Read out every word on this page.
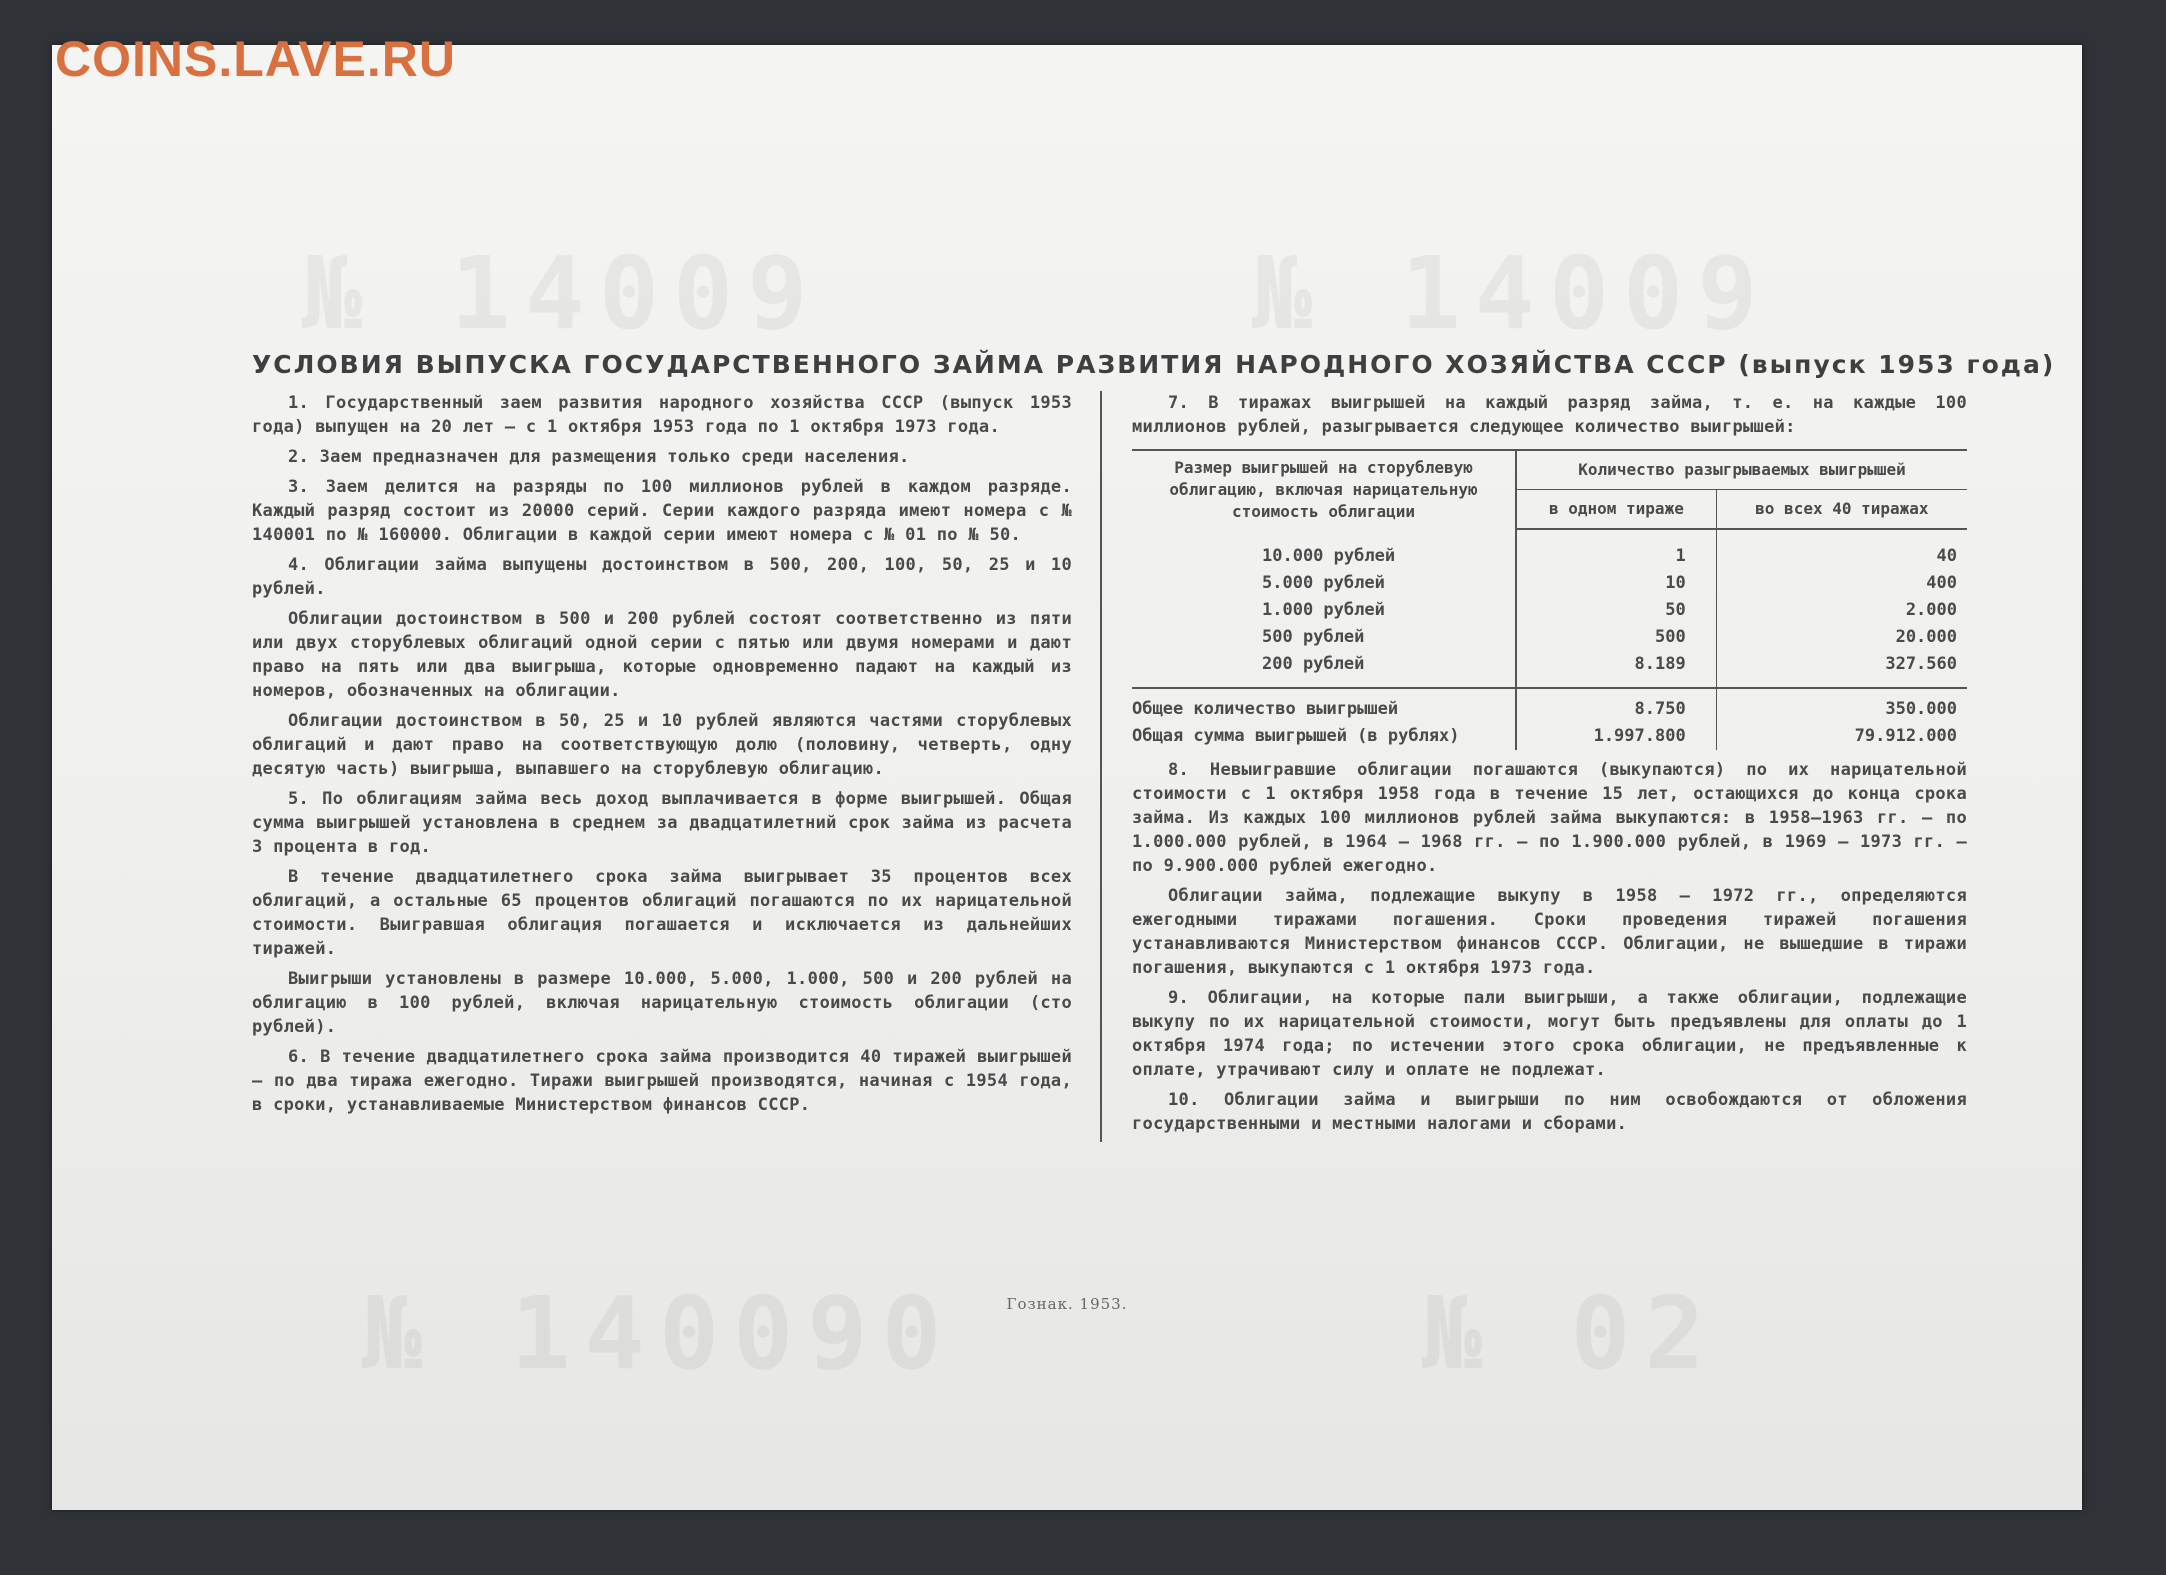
COINS.LAVE.RU
№ 14009
№ 14009
№ 140090	№ 02
УСЛОВИЯ ВЫПУСКА ГОСУДАРСТВЕННОГО ЗАЙМА РАЗВИТИЯ НАРОДНОГО ХОЗЯЙСТВА СССР (выпуск 1953 года)

1. Государственный заем развития народного хозяйства СССР (выпуск 1953 года) выпущен на 20 лет — с 1 октября 1953 года по 1 октября 1973 года.

2. Заем предназначен для размещения только среди населения.

3. Заем делится на разряды по 100 миллионов рублей в каждом разряде. Каждый разряд состоит из 20000 серий. Серии каждого разряда имеют номера с № 140001 по № 160000. Облигации в каждой серии имеют номера с № 01 по № 50.

4. Облигации займа выпущены достоинством в 500, 200, 100, 50, 25 и 10 рублей.

Облигации достоинством в 500 и 200 рублей состоят соответственно из пяти или двух сторублевых облигаций одной серии с пятью или двумя номерами и дают право на пять или два выигрыша, которые одновременно падают на каждый из номеров, обозначенных на облигации.

Облигации достоинством в 50, 25 и 10 рублей являются частями сторублевых облигаций и дают право на соответствующую долю (половину, четверть, одну десятую часть) выигрыша, выпавшего на сторублевую облигацию.

5. По облигациям займа весь доход выплачивается в форме выигрышей. Общая сумма выигрышей установлена в среднем за двадцатилетний срок займа из расчета 3 процента в год.

В течение двадцатилетнего срока займа выигрывает 35 процентов всех облигаций, а остальные 65 процентов облигаций погашаются по их нарицательной стоимости. Выигравшая облигация погашается и исключается из дальнейших тиражей.

Выигрыши установлены в размере 10.000, 5.000, 1.000, 500 и 200 рублей на облигацию в 100 рублей, включая нарицательную стоимость облигации (сто рублей).

6. В течение двадцатилетнего срока займа производится 40 тиражей выигрышей — по два тиража ежегодно. Тиражи выигрышей производятся, начиная с 1954 года, в сроки, устанавливаемые Министерством финансов СССР.

7. В тиражах выигрышей на каждый разряд займа, т. е. на каждые 100 миллионов рублей, разыгрывается следующее количество выигрышей:

Размер выигрышей на сторублевую облигацию, включая нарицательную стоимость облигации	Количество разыгрываемых выигрышей	
	в одном тираже	во всех 40 тиражах
10.000 рублей	1	40
5.000 рублей	10	400
1.000 рублей	50	2.000
500 рублей	500	20.000
200 рублей	8.189	327.560
Общее количество выигрышей	8.750	350.000
Общая сумма выигрышей (в рублях)	1.997.800	79.912.000

8. Невыигравшие облигации погашаются (выкупаются) по их нарицательной стоимости с 1 октября 1958 года в течение 15 лет, остающихся до конца срока займа. Из каждых 100 миллионов рублей займа выкупаются: в 1958—1963 гг. — по 1.000.000 рублей, в 1964 — 1968 гг. — по 1.900.000 рублей, в 1969 — 1973 гг. — по 9.900.000 рублей ежегодно.

Облигации займа, подлежащие выкупу в 1958 — 1972 гг., определяются ежегодными тиражами погашения. Сроки проведения тиражей погашения устанавливаются Министерством финансов СССР. Облигации, не вышедшие в тиражи погашения, выкупаются с 1 октября 1973 года.

9. Облигации, на которые пали выигрыши, а также облигации, подлежащие выкупу по их нарицательной стоимости, могут быть предъявлены для оплаты до 1 октября 1974 года; по истечении этого срока облигации, не предъявленные к оплате, утрачивают силу и оплате не подлежат.

10. Облигации займа и выигрыши по ним освобождаются от обложения государственными и местными налогами и сборами.

Гознак. 1953.
